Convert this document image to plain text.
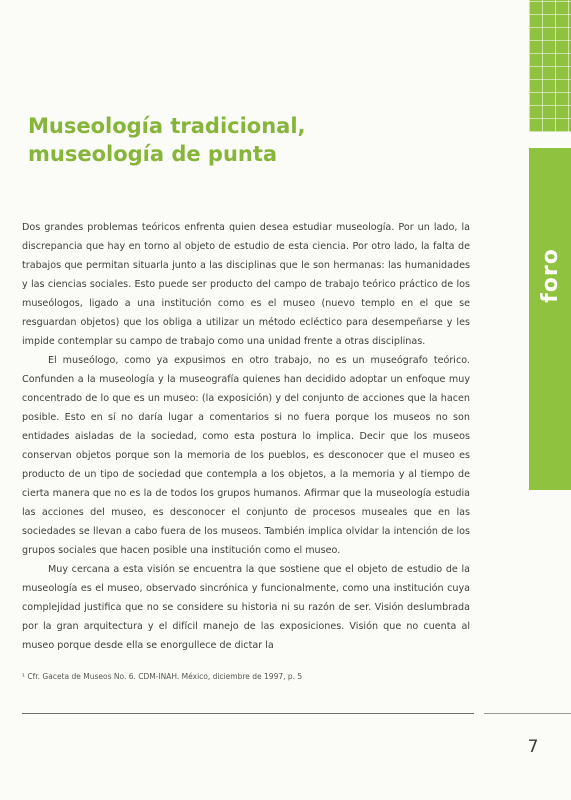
foro
Museología tradicional,
museología de punta

Dos grandes problemas teóricos enfrenta quien desea estudiar museología. Por un lado, la discrepancia que hay en torno al objeto de estudio de esta ciencia. Por otro lado, la falta de trabajos que permitan situarla junto a las disciplinas que le son hermanas: las humanidades y las ciencias sociales. Esto puede ser producto del campo de trabajo teórico práctico de los museólogos, ligado a una institución como es el museo (nuevo templo en el que se resguardan objetos) que los obliga a utilizar un método ecléctico para desempeñarse y les impide contemplar su campo de trabajo como una unidad frente a otras disciplinas.

El museólogo, como ya expusimos en otro trabajo, no es un museógrafo teórico. Confunden a la museología y la museografía quienes han decidido adoptar un enfoque muy concentrado de lo que es un museo: (la exposición) y del conjunto de acciones que la hacen posible. Esto en sí no daría lugar a comentarios si no fuera porque los museos no son entidades aisladas de la sociedad, como esta postura lo implica. Decir que los museos conservan objetos porque son la memoria de los pueblos, es desconocer que el museo es producto de un tipo de sociedad que contempla a los objetos, a la memoria y al tiempo de cierta manera que no es la de todos los grupos humanos. Afirmar que la museología estudia las acciones del museo, es desconocer el conjunto de procesos museales que en las sociedades se llevan a cabo fuera de los museos. También implica olvidar la intención de los grupos sociales que hacen posible una institución como el museo.

Muy cercana a esta visión se encuentra la que sostiene que el objeto de estudio de la museología es el museo, observado sincrónica y funcionalmente, como una institución cuya complejidad justifica que no se considere su historia ni su razón de ser. Visión deslumbrada por la gran arquitectura y el difícil manejo de las exposiciones. Visión que no cuenta al museo porque desde ella se enorgullece de dictar la

¹ Cfr. Gaceta de Museos No. 6. CDM-INAH. México, diciembre de 1997, p. 5
7
